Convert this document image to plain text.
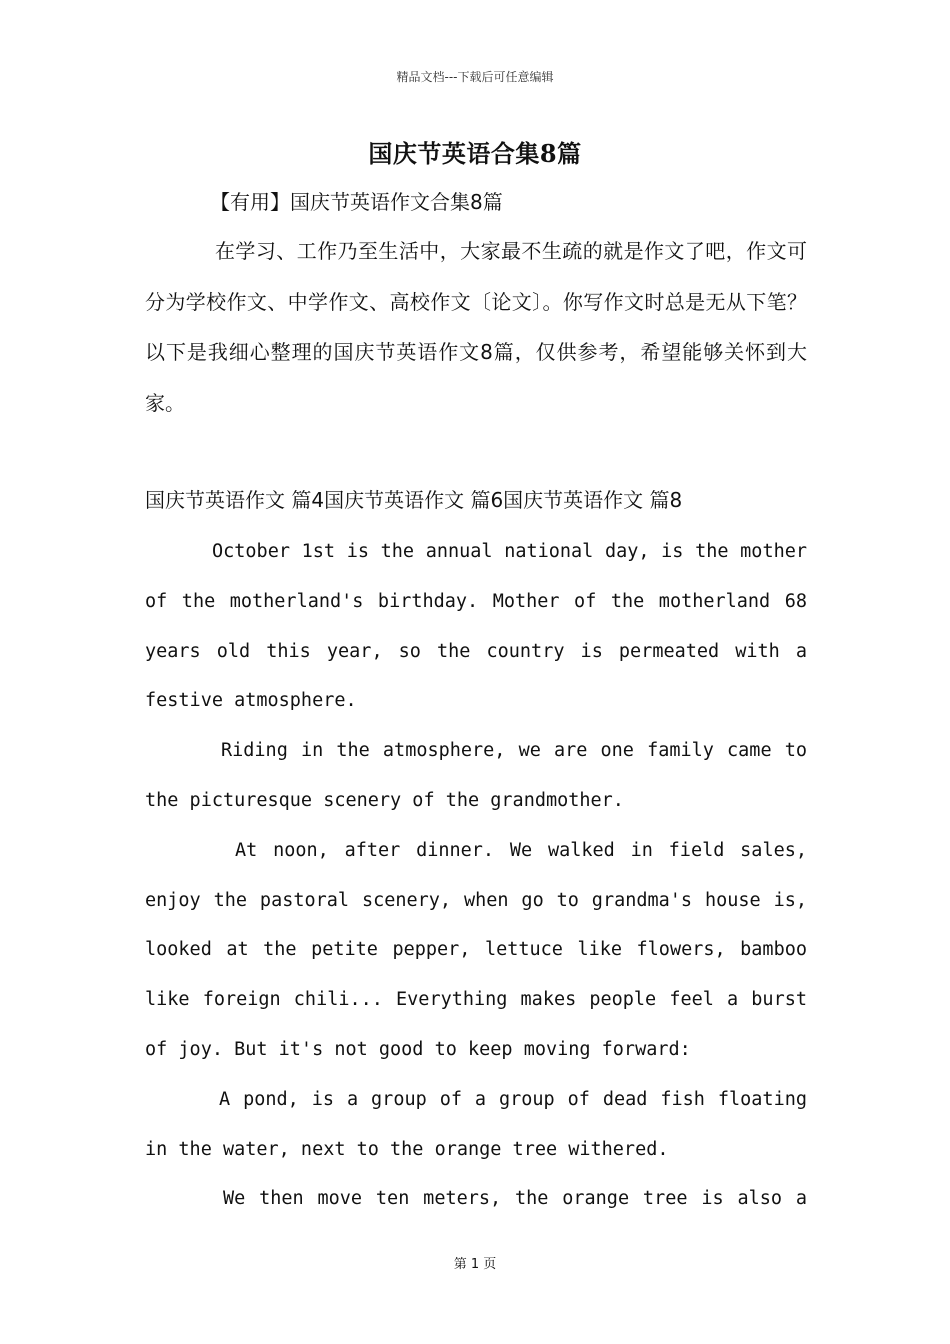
精品文档---下载后可任意编辑
国庆节英语合集8篇
【有用】国庆节英语作文合集8篇
在学习、工作乃至生活中，大家最不生疏的就是作文了吧，作文可分为学校作文、中学作文、高校作文〔论文〕。你写作文时总是无从下笔？以下是我细心整理的国庆节英语作文8篇，仅供参考，希望能够关怀到大家。
国庆节英语作文 篇4国庆节英语作文 篇6国庆节英语作文 篇8

October 1st is the annual national day, is the mother of the motherland's birthday. Mother of the motherland 68 years old this year, so the country is permeated with a festive atmosphere.

Riding in the atmosphere, we are one family came to the picturesque scenery of the grandmother.

At noon, after dinner. We walked in field sales, enjoy the pastoral scenery, when go to grandma's house is, looked at the petite pepper, lettuce like flowers, bamboo like foreign chili... Everything makes people feel a burst of joy. But it's not good to keep moving forward:

A pond, is a group of a group of dead fish floating in the water, next to the orange tree withered.

We then move ten meters, the orange tree is also a

第 1 页
